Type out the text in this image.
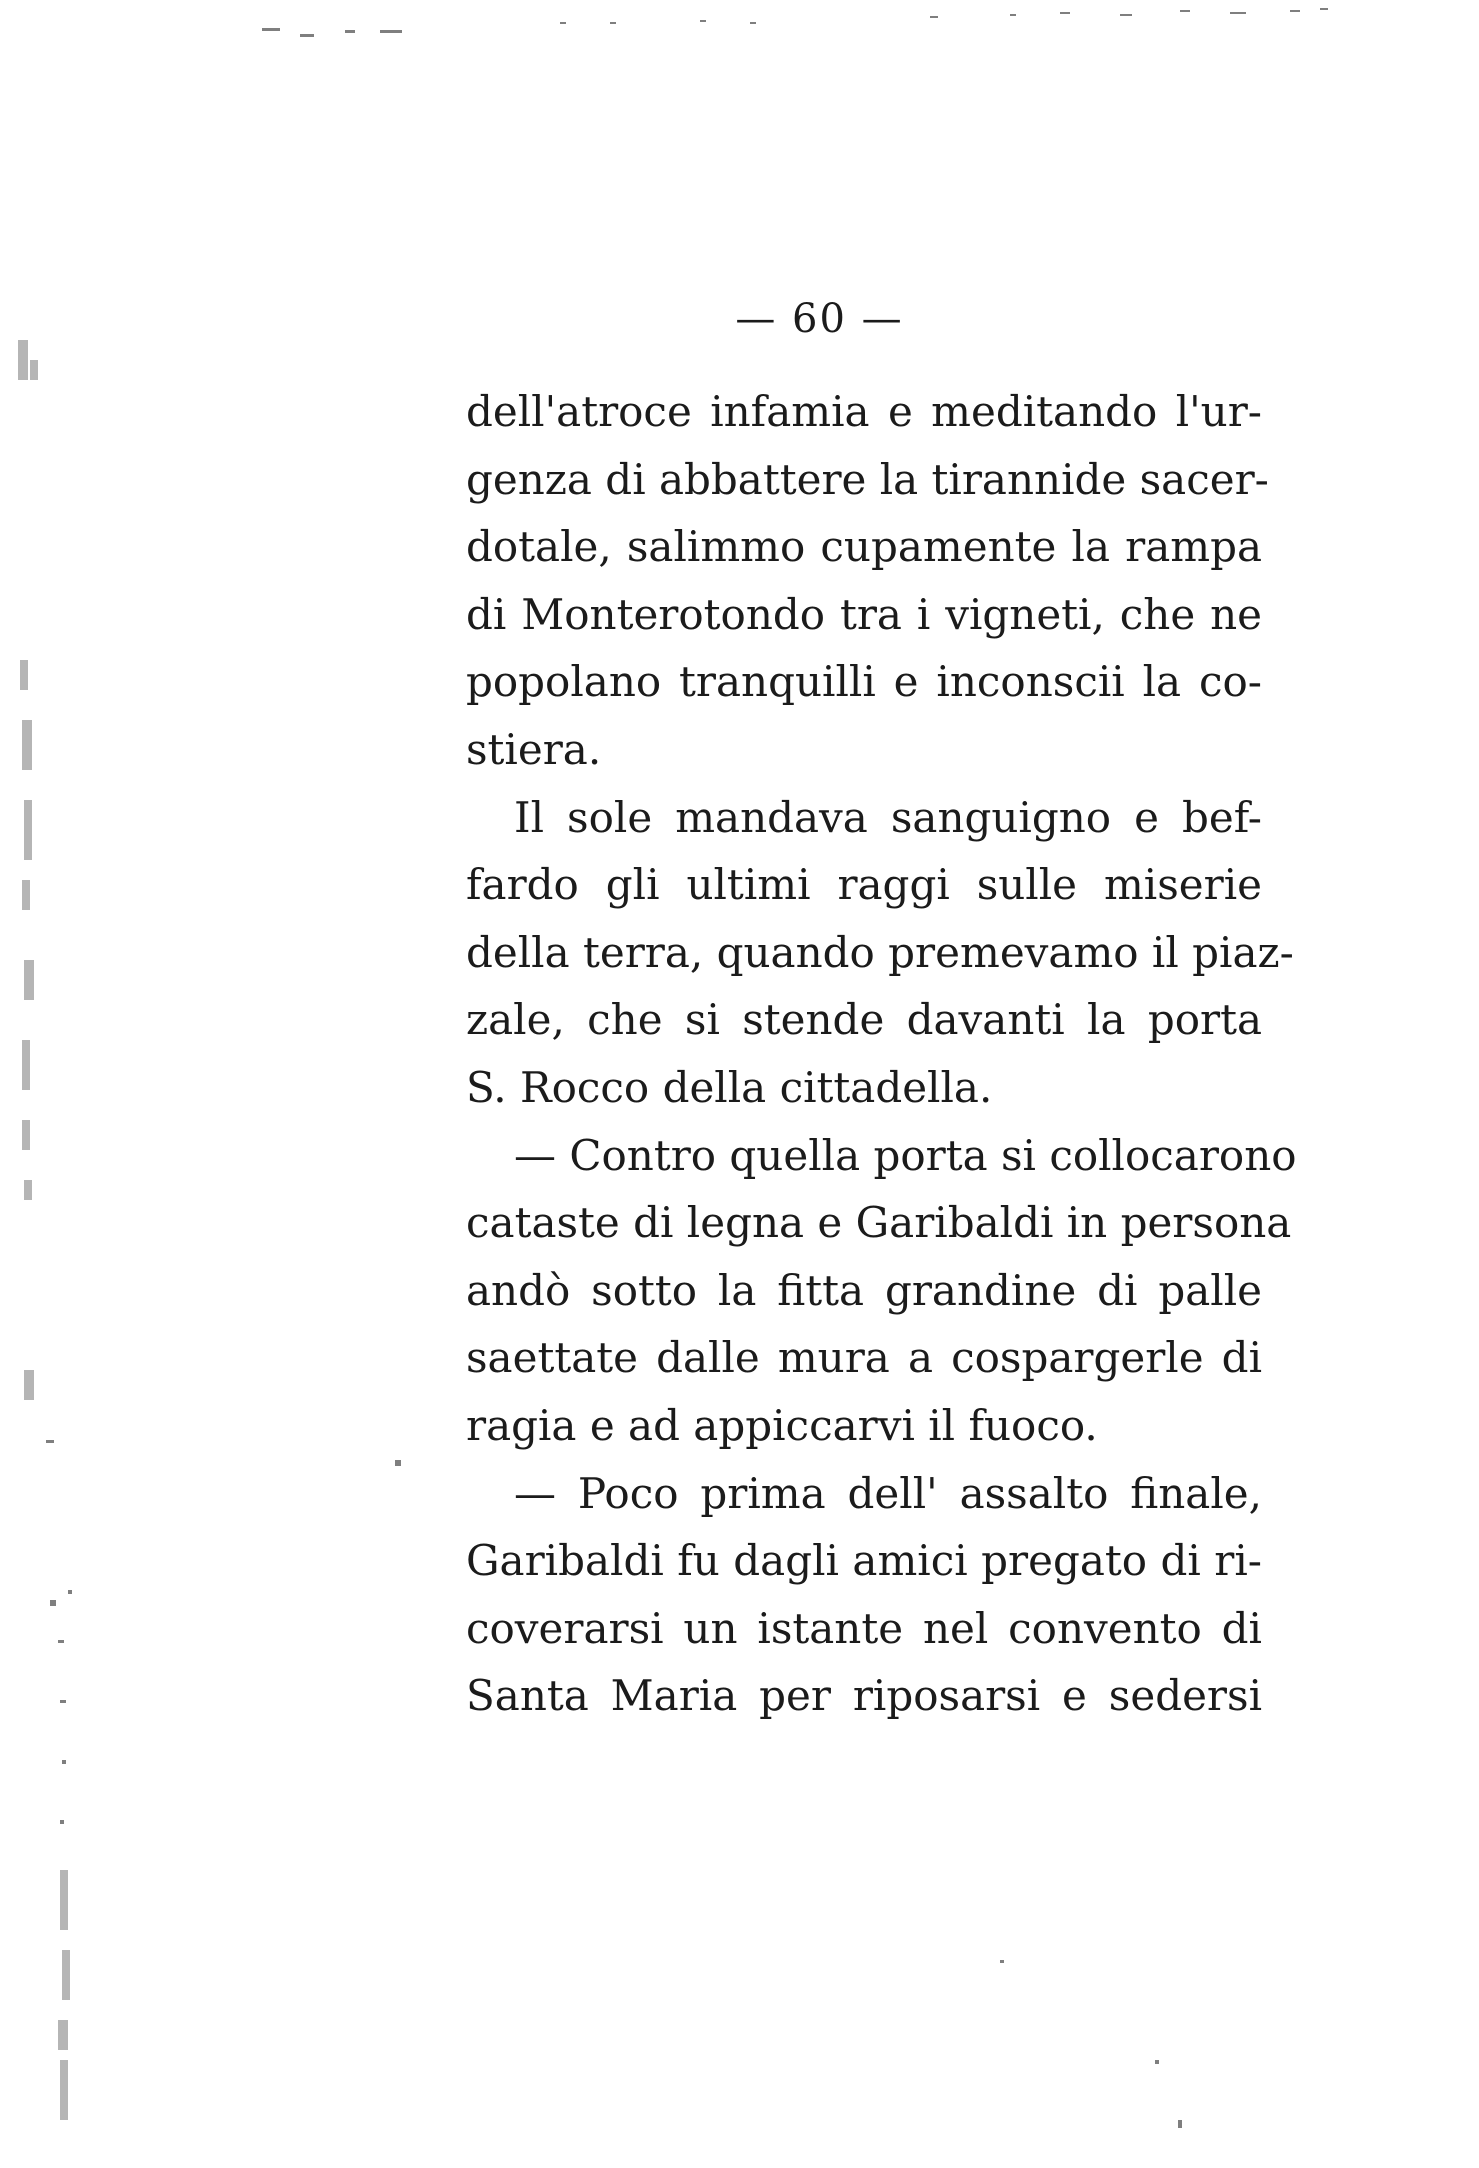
— 60 —
dell'atroce infamia e meditando l'ur-
genza di abbattere la tirannide sacer-
dotale, salimmo cupamente la rampa
di Monterotondo tra i vigneti, che ne
popolano tranquilli e inconscii la co-
stiera.
Il sole mandava sanguigno e bef-
fardo gli ultimi raggi sulle miserie
della terra, quando premevamo il piaz-
zale, che si stende davanti la porta
S. Rocco della cittadella.
— Contro quella porta si collocarono
cataste di legna e Garibaldi in persona
andò sotto la fitta grandine di palle
saettate dalle mura a cospargerle di
ragia e ad appiccarvi il fuoco.
— Poco prima dell' assalto finale,
Garibaldi fu dagli amici pregato di ri-
coverarsi un istante nel convento di
Santa Maria per riposarsi e sedersi
